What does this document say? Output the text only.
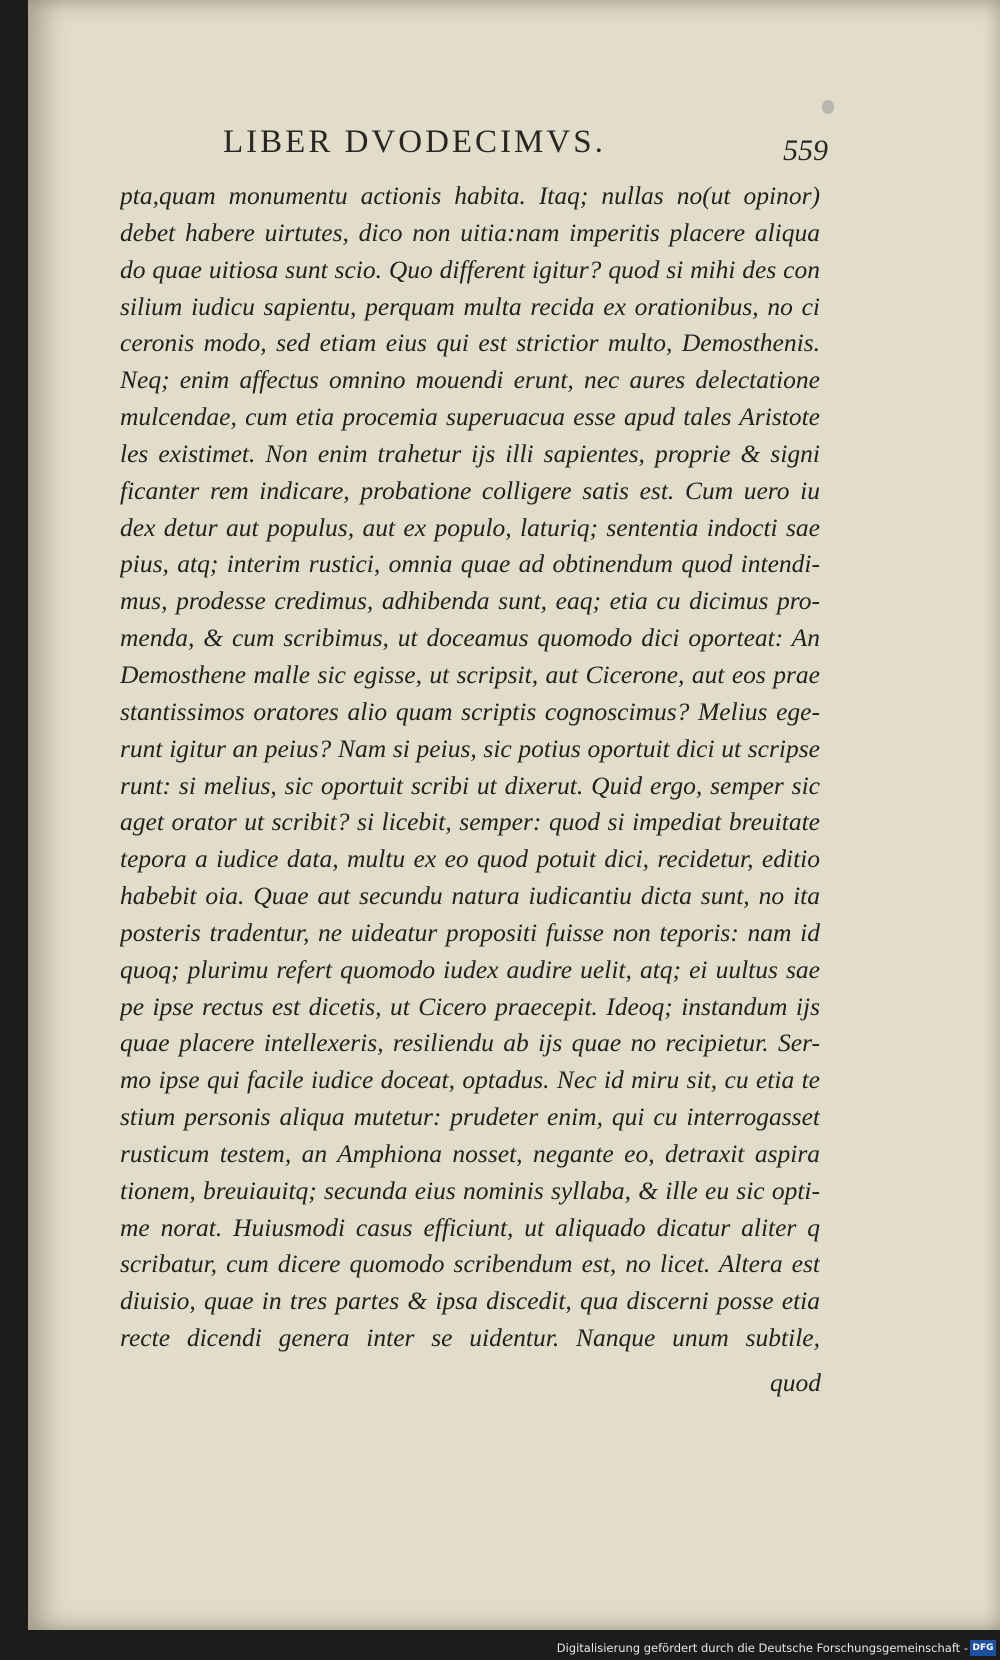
LIBER DVODECIMVS.	559
pta,quam monumentu actionis habita. Itaq; nullas no(ut opinor)
debet habere uirtutes, dico non uitia:nam imperitis placere aliqua
do quae uitiosa sunt scio. Quo different igitur? quod si mihi des con
silium iudicu sapientu, perquam multa recida ex orationibus, no ci
ceronis modo, sed etiam eius qui est strictior multo, Demosthenis.
Neq; enim affectus omnino mouendi erunt, nec aures delectatione
mulcendae, cum etia procemia superuacua esse apud tales Aristote
les existimet. Non enim trahetur ijs illi sapientes, proprie & signi
ficanter rem indicare, probatione colligere satis est. Cum uero iu
dex detur aut populus, aut ex populo, laturiq; sententia indocti sae
pius, atq; interim rustici, omnia quae ad obtinendum quod intendi-
mus, prodesse credimus, adhibenda sunt, eaq; etia cu dicimus pro-
menda, & cum scribimus, ut doceamus quomodo dici oporteat: An
Demosthene malle sic egisse, ut scripsit, aut Cicerone, aut eos prae
stantissimos oratores alio quam scriptis cognoscimus? Melius ege-
runt igitur an peius? Nam si peius, sic potius oportuit dici ut scripse
runt: si melius, sic oportuit scribi ut dixerut. Quid ergo, semper sic
aget orator ut scribit? si licebit, semper: quod si impediat breuitate
tepora a iudice data, multu ex eo quod potuit dici, recidetur, editio
habebit oia. Quae aut secundu natura iudicantiu dicta sunt, no ita
posteris tradentur, ne uideatur propositi fuisse non teporis: nam id
quoq; plurimu refert quomodo iudex audire uelit, atq; ei uultus sae
pe ipse rectus est dicetis, ut Cicero praecepit. Ideoq; instandum ijs
quae placere intellexeris, resiliendu ab ijs quae no recipietur. Ser-
mo ipse qui facile iudice doceat, optadus. Nec id miru sit, cu etia te
stium personis aliqua mutetur: prudeter enim, qui cu interrogasset
rusticum testem, an Amphiona nosset, negante eo, detraxit aspira
tionem, breuiauitq; secunda eius nominis syllaba, & ille eu sic opti-
me norat. Huiusmodi casus efficiunt, ut aliquado dicatur aliter q
scribatur, cum dicere quomodo scribendum est, no licet. Altera est
diuisio, quae in tres partes & ipsa discedit, qua discerni posse etia
recte dicendi genera inter se uidentur. Nanque unum subtile,
quod
Digitalisierung gefördert durch die Deutsche Forschungsgemeinschaft - DFG
